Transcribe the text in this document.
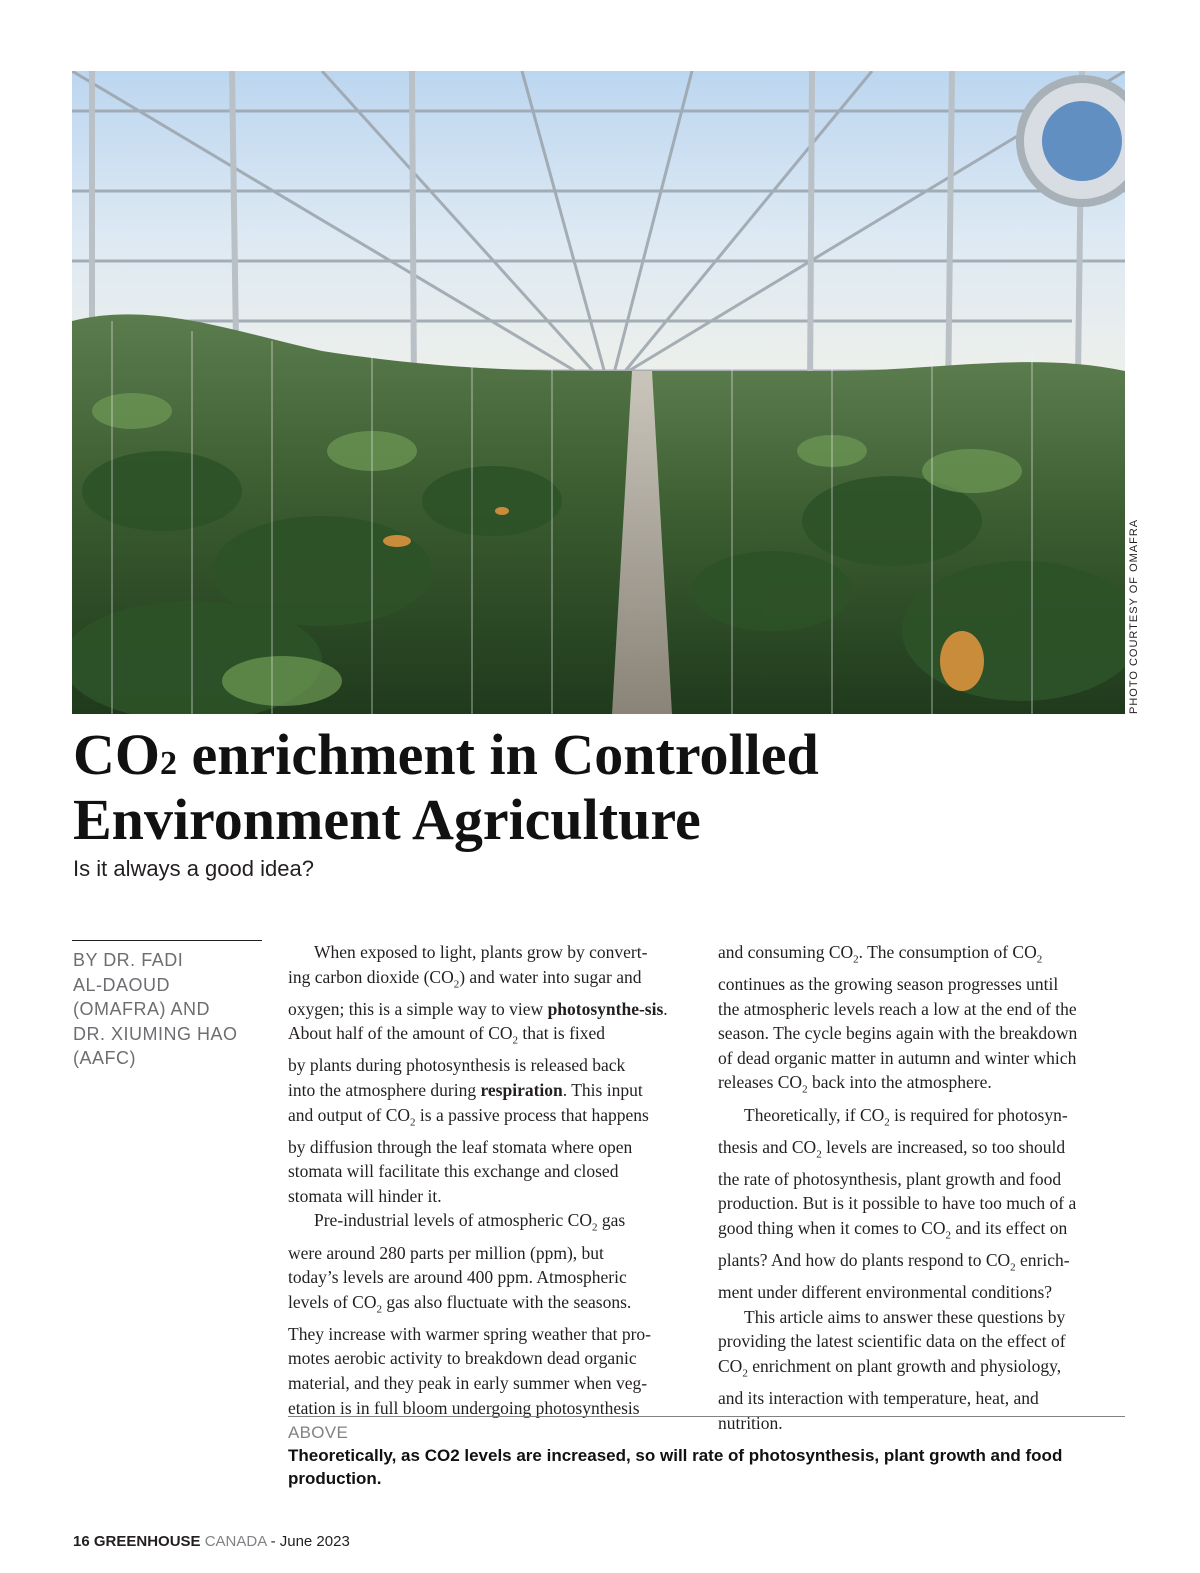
PHOTO COURTESY OF OMAFRA
CO2 enrichment in Controlled
Environment Agriculture
Is it always a good idea?
BY DR. FADI
AL-DAOUD
(OMAFRA) AND
DR. XIUMING HAO
(AAFC)

When exposed to light, plants grow by convert-
ing carbon dioxide $(CO_2)$ and water into sugar and
oxygen; this is a simple way to view photosynthe-sis. About half of the amount of $CO_2$ that is fixed
by plants during photosynthesis is released back
into the atmosphere during respiration. This input
and output of $CO_2$ is a passive process that happens
by diffusion through the leaf stomata where open
stomata will facilitate this exchange and closed
stomata will hinder it.

Pre-industrial levels of atmospheric $CO_2$ gas
were around 280 parts per million (ppm), but
today’s levels are around 400 ppm. Atmospheric
levels of $CO_2$ gas also fluctuate with the seasons.
They increase with warmer spring weather that pro-
motes aerobic activity to breakdown dead organic
material, and they peak in early summer when veg-
etation is in full bloom undergoing photosynthesis

and consuming $CO_2$. The consumption of $CO_2$
continues as the growing season progresses until
the atmospheric levels reach a low at the end of the
season. The cycle begins again with the breakdown
of dead organic matter in autumn and winter which
releases $CO_2$ back into the atmosphere.

Theoretically, if $CO_2$ is required for photosyn-
thesis and $CO_2$ levels are increased, so too should
the rate of photosynthesis, plant growth and food
production. But is it possible to have too much of a
good thing when it comes to $CO_2$ and its effect on
plants? And how do plants respond to $CO_2$ enrich-
ment under different environmental conditions?

This article aims to answer these questions by
providing the latest scientific data on the effect of
$CO_2$ enrichment on plant growth and physiology,
and its interaction with temperature, heat, and
nutrition.

ABOVE
Theoretically, as CO2 levels are increased, so will rate of photosynthesis, plant growth and food production.
16 GREENHOUSE CANADA - June 2023
